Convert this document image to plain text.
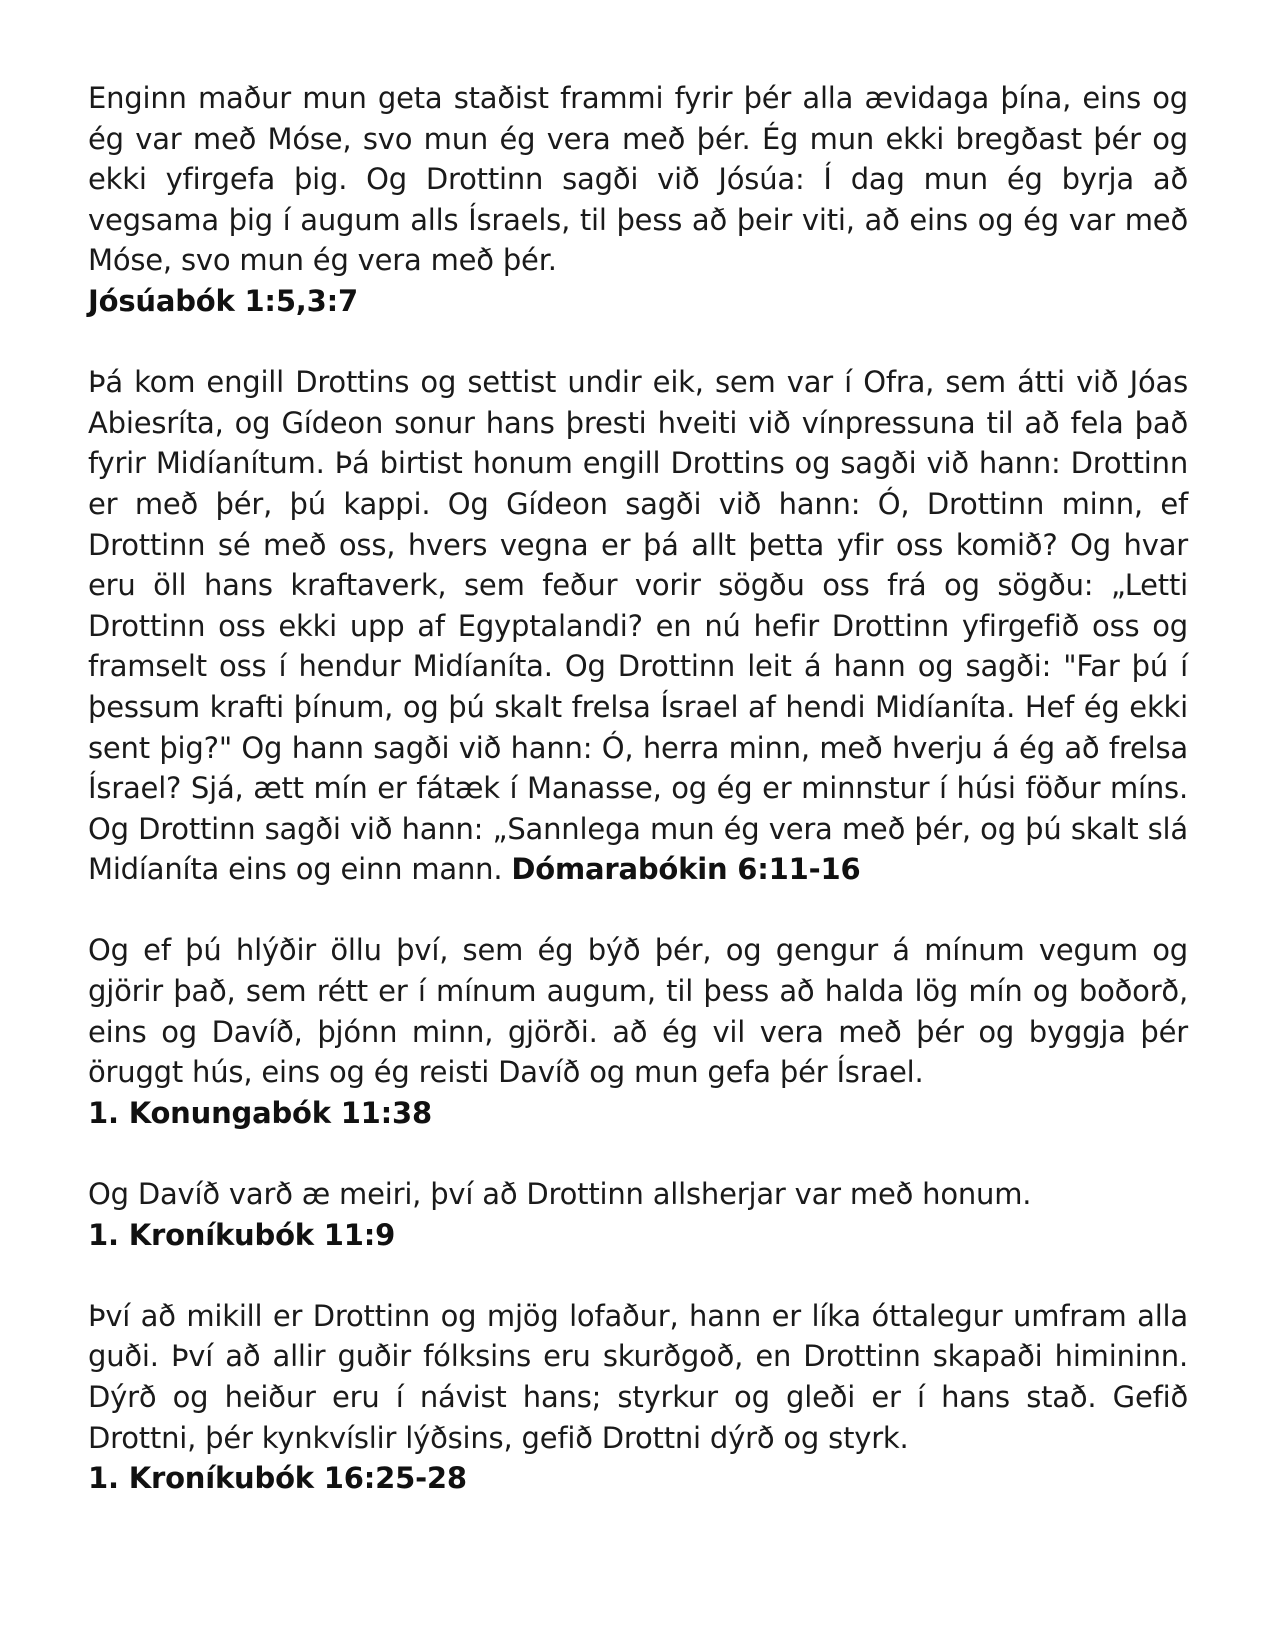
Enginn maður mun geta staðist frammi fyrir þér alla ævidaga þína, eins og ég var með Móse, svo mun ég vera með þér. Ég mun ekki bregðast þér og ekki yfirgefa þig. Og Drottinn sagði við Jósúa: Í dag mun ég byrja að vegsama þig í augum alls Ísraels, til þess að þeir viti, að eins og ég var með Móse, svo mun ég vera með þér.

Jósúabók 1:5,3:7

Þá kom engill Drottins og settist undir eik, sem var í Ofra, sem átti við Jóas Abiesríta, og Gídeon sonur hans þresti hveiti við vínpressuna til að fela það fyrir Midíanítum. Þá birtist honum engill Drottins og sagði við hann: Drottinn er með þér, þú kappi. Og Gídeon sagði við hann: Ó, Drottinn minn, ef Drottinn sé með oss, hvers vegna er þá allt þetta yfir oss komið? Og hvar eru öll hans kraftaverk, sem feður vorir sögðu oss frá og sögðu: „Letti Drottinn oss ekki upp af Egyptalandi? en nú hefir Drottinn yfirgefið oss og framselt oss í hendur Midíaníta. Og Drottinn leit á hann og sagði: "Far þú í þessum krafti þínum, og þú skalt frelsa Ísrael af hendi Midíaníta. Hef ég ekki sent þig?" Og hann sagði við hann: Ó, herra minn, með hverju á ég að frelsa Ísrael? Sjá, ætt mín er fátæk í Manasse, og ég er minnstur í húsi föður míns. Og Drottinn sagði við hann: „Sannlega mun ég vera með þér, og þú skalt slá Midíaníta eins og einn mann. Dómarabókin 6:11-16

Og ef þú hlýðir öllu því, sem ég býð þér, og gengur á mínum vegum og gjörir það, sem rétt er í mínum augum, til þess að halda lög mín og boðorð, eins og Davíð, þjónn minn, gjörði. að ég vil vera með þér og byggja þér öruggt hús, eins og ég reisti Davíð og mun gefa þér Ísrael.

1. Konungabók 11:38

Og Davíð varð æ meiri, því að Drottinn allsherjar var með honum.

1. Kroníkubók 11:9

Því að mikill er Drottinn og mjög lofaður, hann er líka óttalegur umfram alla guði. Því að allir guðir fólksins eru skurðgoð, en Drottinn skapaði himininn. Dýrð og heiður eru í návist hans; styrkur og gleði er í hans stað. Gefið Drottni, þér kynkvíslir lýðsins, gefið Drottni dýrð og styrk.

1. Kroníkubók 16:25-28
